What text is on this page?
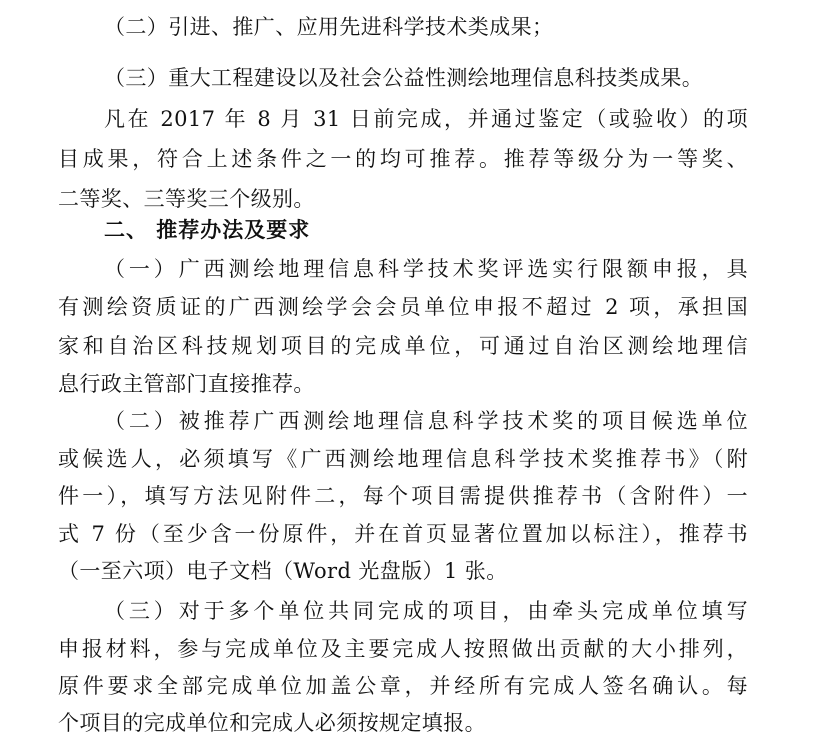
（二）引进、推广、应用先进科学技术类成果；
（三）重大工程建设以及社会公益性测绘地理信息科技类成果。
凡在 2017 年 8 月 31 日前完成，并通过鉴定（或验收）的项
目成果，符合上述条件之一的均可推荐。推荐等级分为一等奖、
二等奖、三等奖三个级别。
二、 推荐办法及要求
（一）广西测绘地理信息科学技术奖评选实行限额申报，具
有测绘资质证的广西测绘学会会员单位申报不超过 2 项，承担国
家和自治区科技规划项目的完成单位，可通过自治区测绘地理信
息行政主管部门直接推荐。
（二）被推荐广西测绘地理信息科学技术奖的项目候选单位
或候选人，必须填写《广西测绘地理信息科学技术奖推荐书》（附
件一），填写方法见附件二，每个项目需提供推荐书（含附件）一
式 7 份（至少含一份原件，并在首页显著位置加以标注），推荐书
（一至六项）电子文档（Word 光盘版）1 张。
（三）对于多个单位共同完成的项目，由牵头完成单位填写
申报材料，参与完成单位及主要完成人按照做出贡献的大小排列，
原件要求全部完成单位加盖公章，并经所有完成人签名确认。每
个项目的完成单位和完成人必须按规定填报。
